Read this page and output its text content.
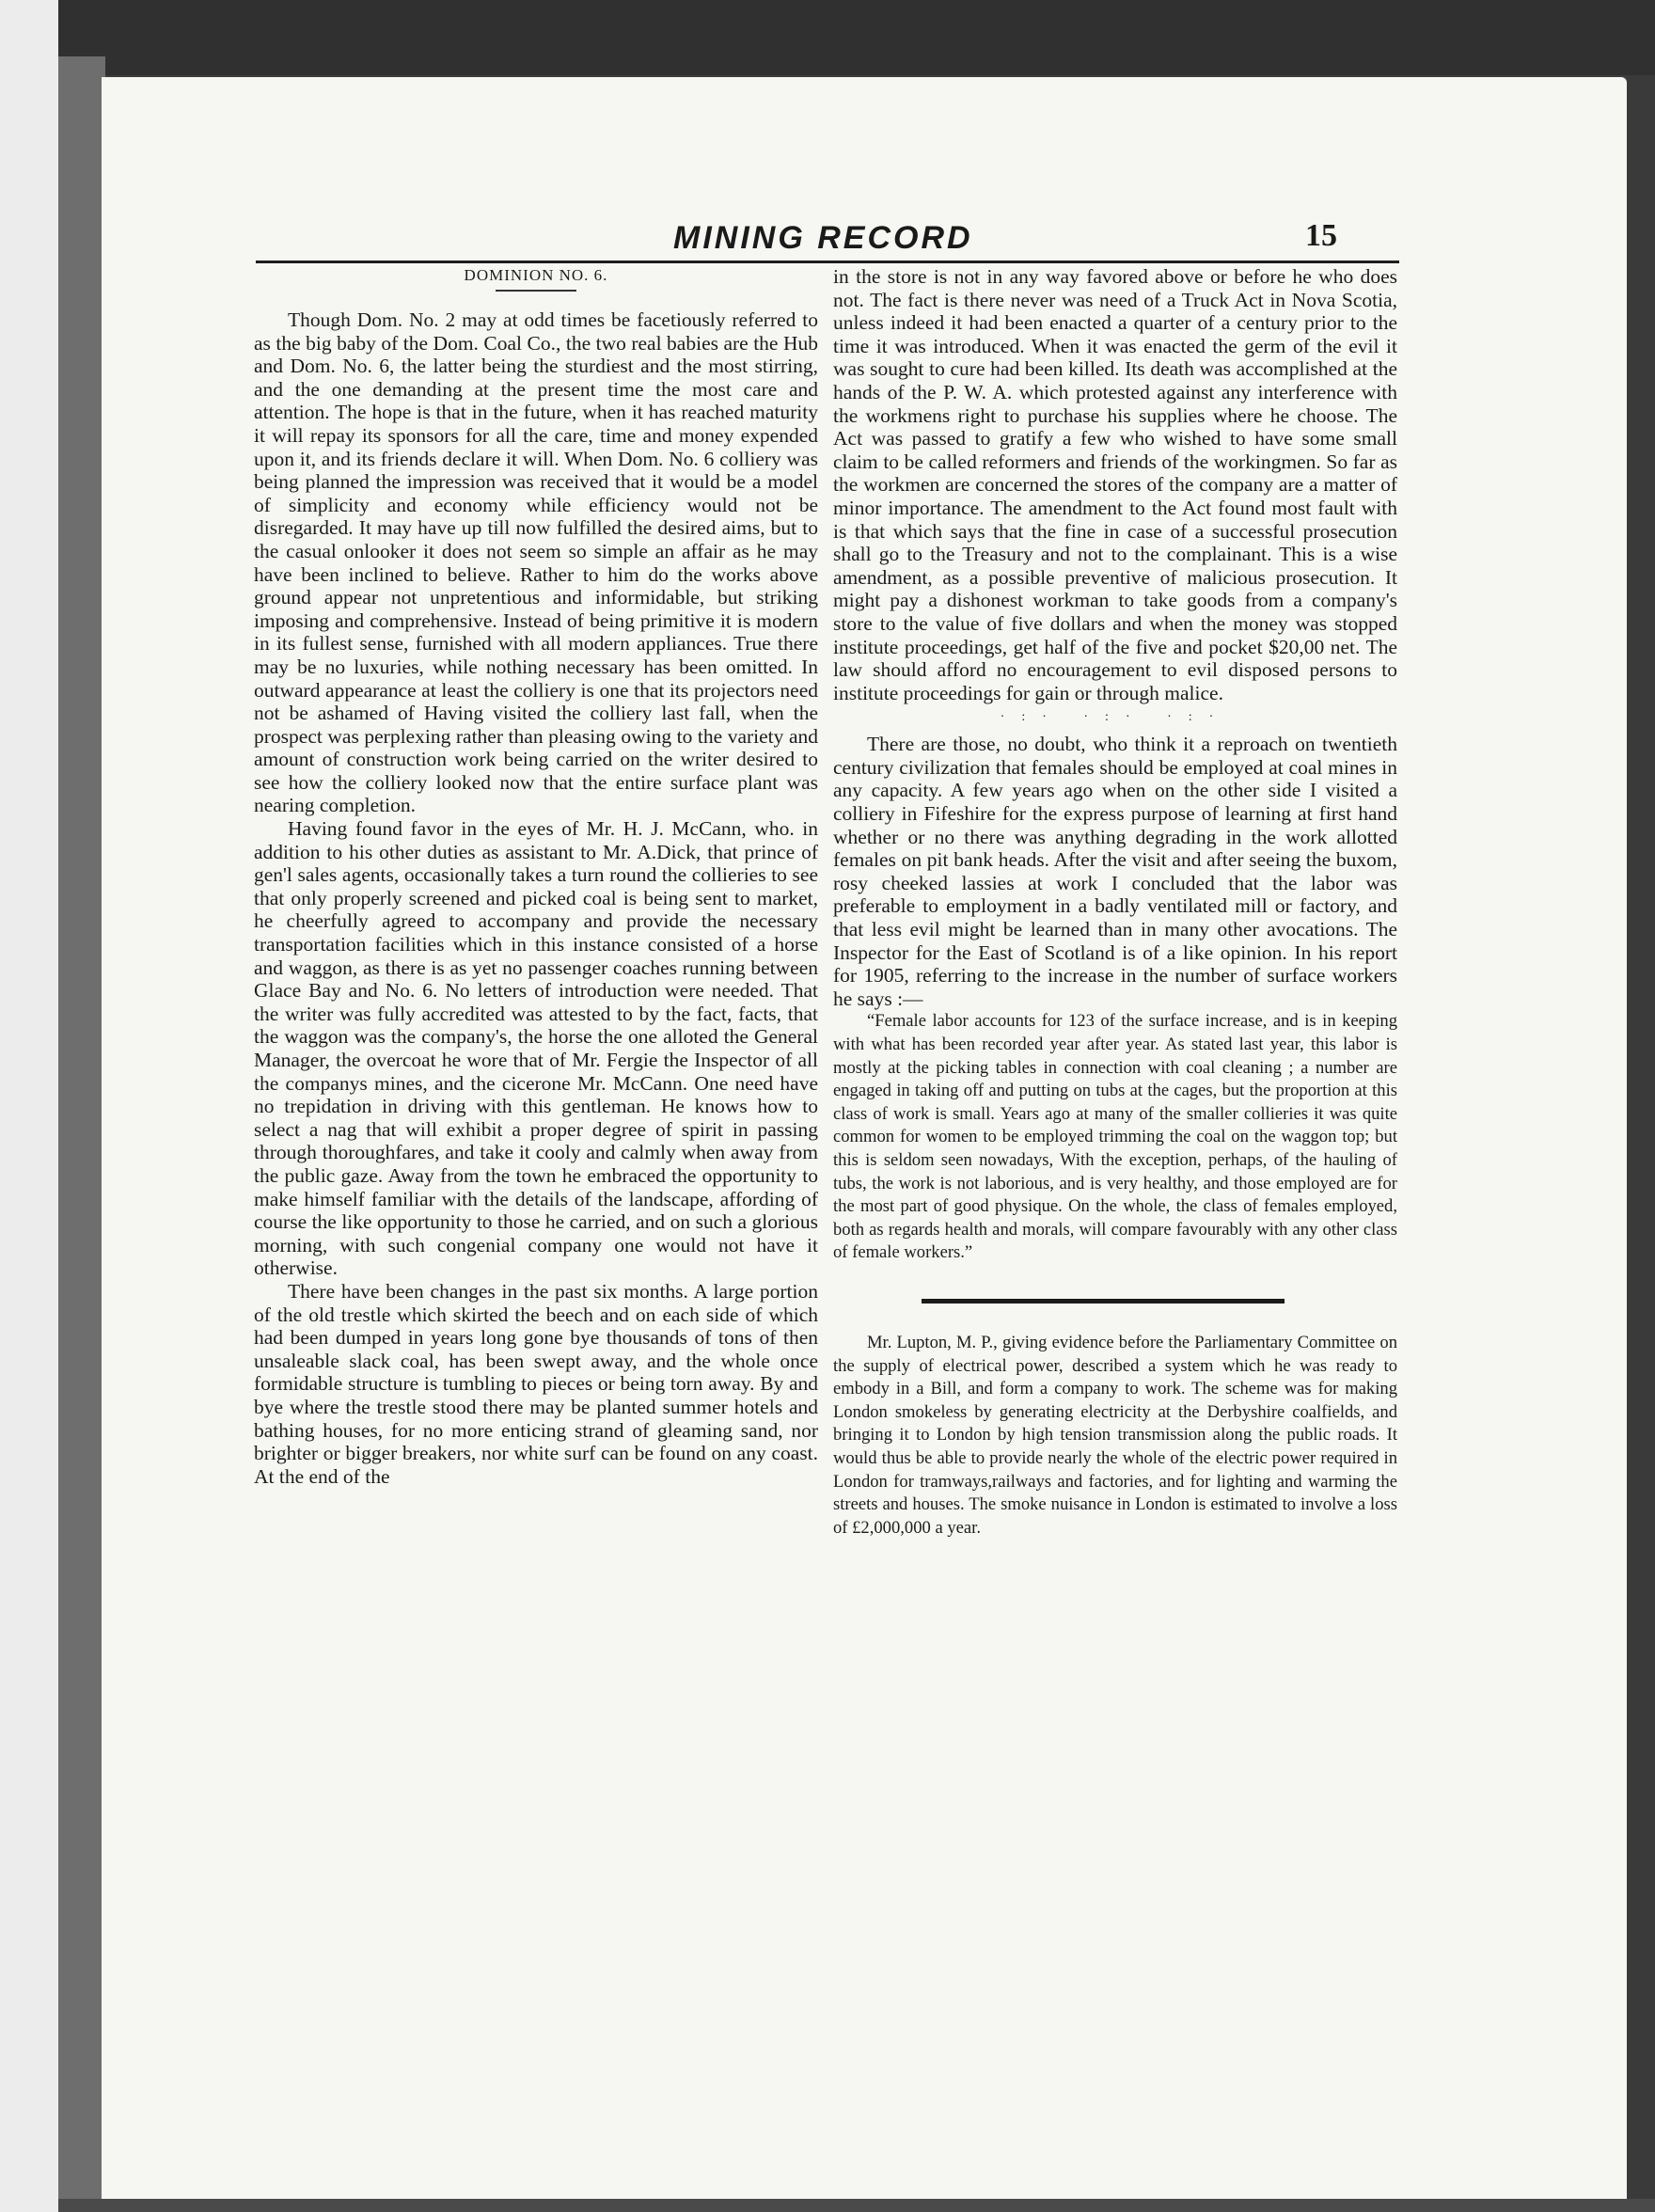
MINING RECORD	15
DOMINION NO. 6.

Though Dom. No. 2 may at odd times be facetiously referred to as the big baby of the Dom. Coal Co., the two real babies are the Hub and Dom. No. 6, the latter being the sturdiest and the most stirring, and the one demanding at the present time the most care and attention. The hope is that in the future, when it has reached maturity it will repay its sponsors for all the care, time and money expended upon it, and its friends declare it will. When Dom. No. 6 colliery was being planned the impression was received that it would be a model of simplicity and economy while efficiency would not be disregarded. It may have up till now fulfilled the desired aims, but to the casual onlooker it does not seem so simple an affair as he may have been inclined to believe. Rather to him do the works above ground appear not unpretentious and informidable, but striking imposing and comprehensive. Instead of being primitive it is modern in its fullest sense, furnished with all modern appliances. True there may be no luxuries, while nothing necessary has been omitted. In outward appearance at least the colliery is one that its projectors need not be ashamed of Having visited the colliery last fall, when the prospect was perplexing rather than pleasing owing to the variety and amount of construction work being carried on the writer desired to see how the colliery looked now that the entire surface plant was nearing completion.

Having found favor in the eyes of Mr. H. J. McCann, who. in addition to his other duties as assistant to Mr. A.Dick, that prince of gen'l sales agents, occasionally takes a turn round the collieries to see that only properly screened and picked coal is being sent to market, he cheerfully agreed to accompany and provide the necessary transportation facilities which in this instance consisted of a horse and waggon, as there is as yet no passenger coaches running between Glace Bay and No. 6. No letters of introduction were needed. That the writer was fully accredited was attested to by the fact, facts, that the waggon was the company's, the horse the one alloted the General Manager, the overcoat he wore that of Mr. Fergie the Inspector of all the companys mines, and the cicerone Mr. McCann. One need have no trepidation in driving with this gentleman. He knows how to select a nag that will exhibit a proper degree of spirit in passing through thoroughfares, and take it cooly and calmly when away from the public gaze. Away from the town he embraced the opportunity to make himself familiar with the details of the landscape, affording of course the like opportunity to those he carried, and on such a glorious morning, with such congenial company one would not have it otherwise.

There have been changes in the past six months. A large portion of the old trestle which skirted the beech and on each side of which had been dumped in years long gone bye thousands of tons of then unsaleable slack coal, has been swept away, and the whole once formidable structure is tumbling to pieces or being torn away. By and bye where the trestle stood there may be planted summer hotels and bathing houses, for no more enticing strand of gleaming sand, nor brighter or bigger breakers, nor white surf can be found on any coast. At the end of the

in the store is not in any way favored above or before he who does not. The fact is there never was need of a Truck Act in Nova Scotia, unless indeed it had been enacted a quarter of a century prior to the time it was introduced. When it was enacted the germ of the evil it was sought to cure had been killed. Its death was accomplished at the hands of the P. W. A. which protested against any interference with the workmens right to purchase his supplies where he choose. The Act was passed to gratify a few who wished to have some small claim to be called reformers and friends of the workingmen. So far as the workmen are concerned the stores of the company are a matter of minor importance. The amendment to the Act found most fault with is that which says that the fine in case of a successful prosecution shall go to the Treasury and not to the complainant. This is a wise amendment, as a possible preventive of malicious prosecution. It might pay a dishonest workman to take goods from a company's store to the value of five dollars and when the money was stopped institute proceedings, get half of the five and pocket $20,00 net. The law should afford no encouragement to evil disposed persons to institute proceedings for gain or through malice.

·:· ·:· ·:·

There are those, no doubt, who think it a reproach on twentieth century civilization that females should be employed at coal mines in any capacity. A few years ago when on the other side I visited a colliery in Fifeshire for the express purpose of learning at first hand whether or no there was anything degrading in the work allotted females on pit bank heads. After the visit and after seeing the buxom, rosy cheeked lassies at work I concluded that the labor was preferable to employment in a badly ventilated mill or factory, and that less evil might be learned than in many other avocations. The Inspector for the East of Scotland is of a like opinion. In his report for 1905, referring to the increase in the number of surface workers he says :—

“Female labor accounts for 123 of the surface increase, and is in keeping with what has been recorded year after year. As stated last year, this labor is mostly at the picking tables in connection with coal cleaning ; a number are engaged in taking off and putting on tubs at the cages, but the proportion at this class of work is small. Years ago at many of the smaller collieries it was quite common for women to be employed trimming the coal on the waggon top; but this is seldom seen nowadays, With the exception, perhaps, of the hauling of tubs, the work is not laborious, and is very healthy, and those employed are for the most part of good physique. On the whole, the class of females employed, both as regards health and morals, will compare favourably with any other class of female workers.”

Mr. Lupton, M. P., giving evidence before the Parliamentary Committee on the supply of electrical power, described a system which he was ready to embody in a Bill, and form a company to work. The scheme was for making London smokeless by generating electricity at the Derbyshire coalfields, and bringing it to London by high tension transmission along the public roads. It would thus be able to provide nearly the whole of the electric power required in London for tramways,railways and factories, and for lighting and warming the streets and houses. The smoke nuisance in London is estimated to involve a loss of £2,000,000 a year.
